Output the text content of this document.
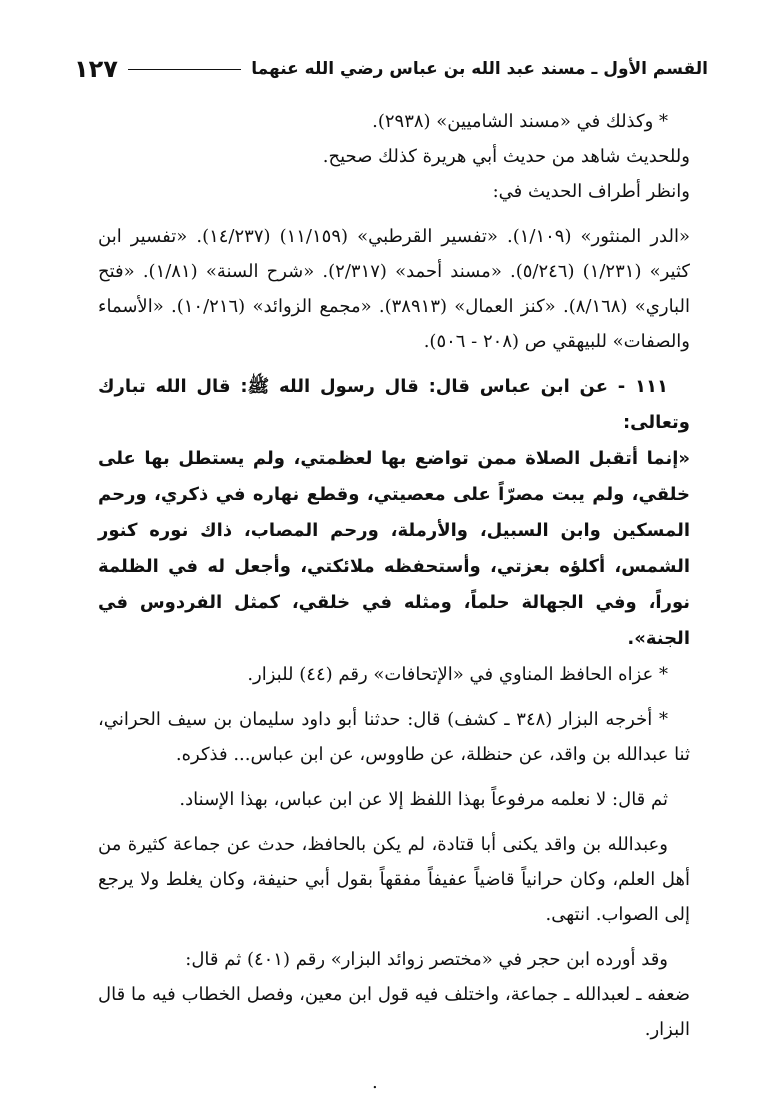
القسم الأول ـ مسند عبد الله بن عباس رضي الله عنهما
١٢٧

* وكذلك في «مسند الشاميين» (٢٩٣٨).

وللحديث شاهد من حديث أبي هريرة كذلك صحيح.

وانظر أطراف الحديث في:

«الدر المنثور» (١/١٠٩). «تفسير القرطبي» (١١/١٥٩) (١٤/٢٣٧). «تفسير ابن كثير» (١/٢٣١) (٥/٢٤٦). «مسند أحمد» (٢/٣١٧). «شرح السنة» (١/٨١). «فتح الباري» (٨/١٦٨). «كنز العمال» (٣٨٩١٣). «مجمع الزوائد» (١٠/٢١٦). «الأسماء والصفات» للبيهقي ص (٢٠٨ - ٥٠٦).

١١١ - عن ابن عباس قال: قال رسول الله ﷺ: قال الله تبارك وتعالى:

«إنما أتقبل الصلاة ممن تواضع بها لعظمتي، ولم يستطل بها على خلقي، ولم يبت مصرّاً على معصيتي، وقطع نهاره في ذكري، ورحم المسكين وابن السبيل، والأرملة، ورحم المصاب، ذاك نوره كنور الشمس، أكلؤه بعزتي، وأستحفظه ملائكتي، وأجعل له في الظلمة نوراً، وفي الجهالة حلماً، ومثله في خلقي، كمثل الفردوس في الجنة».

* عزاه الحافظ المناوي في «الإتحافات» رقم (٤٤) للبزار.

* أخرجه البزار (٣٤٨ ـ كشف) قال: حدثنا أبو داود سليمان بن سيف الحراني، ثنا عبدالله بن واقد، عن حنظلة، عن طاووس، عن ابن عباس... فذكره.

ثم قال: لا نعلمه مرفوعاً بهذا اللفظ إلا عن ابن عباس، بهذا الإسناد.

وعبدالله بن واقد يكنى أبا قتادة، لم يكن بالحافظ، حدث عن جماعة كثيرة من أهل العلم، وكان حرانياً قاضياً عفيفاً مفقهاً بقول أبي حنيفة، وكان يغلط ولا يرجع إلى الصواب. انتهى.

وقد أورده ابن حجر في «مختصر زوائد البزار» رقم (٤٠١) ثم قال:

ضعفه ـ لعبدالله ـ جماعة، واختلف فيه قول ابن معين، وفصل الخطاب فيه ما قال البزار.

.
